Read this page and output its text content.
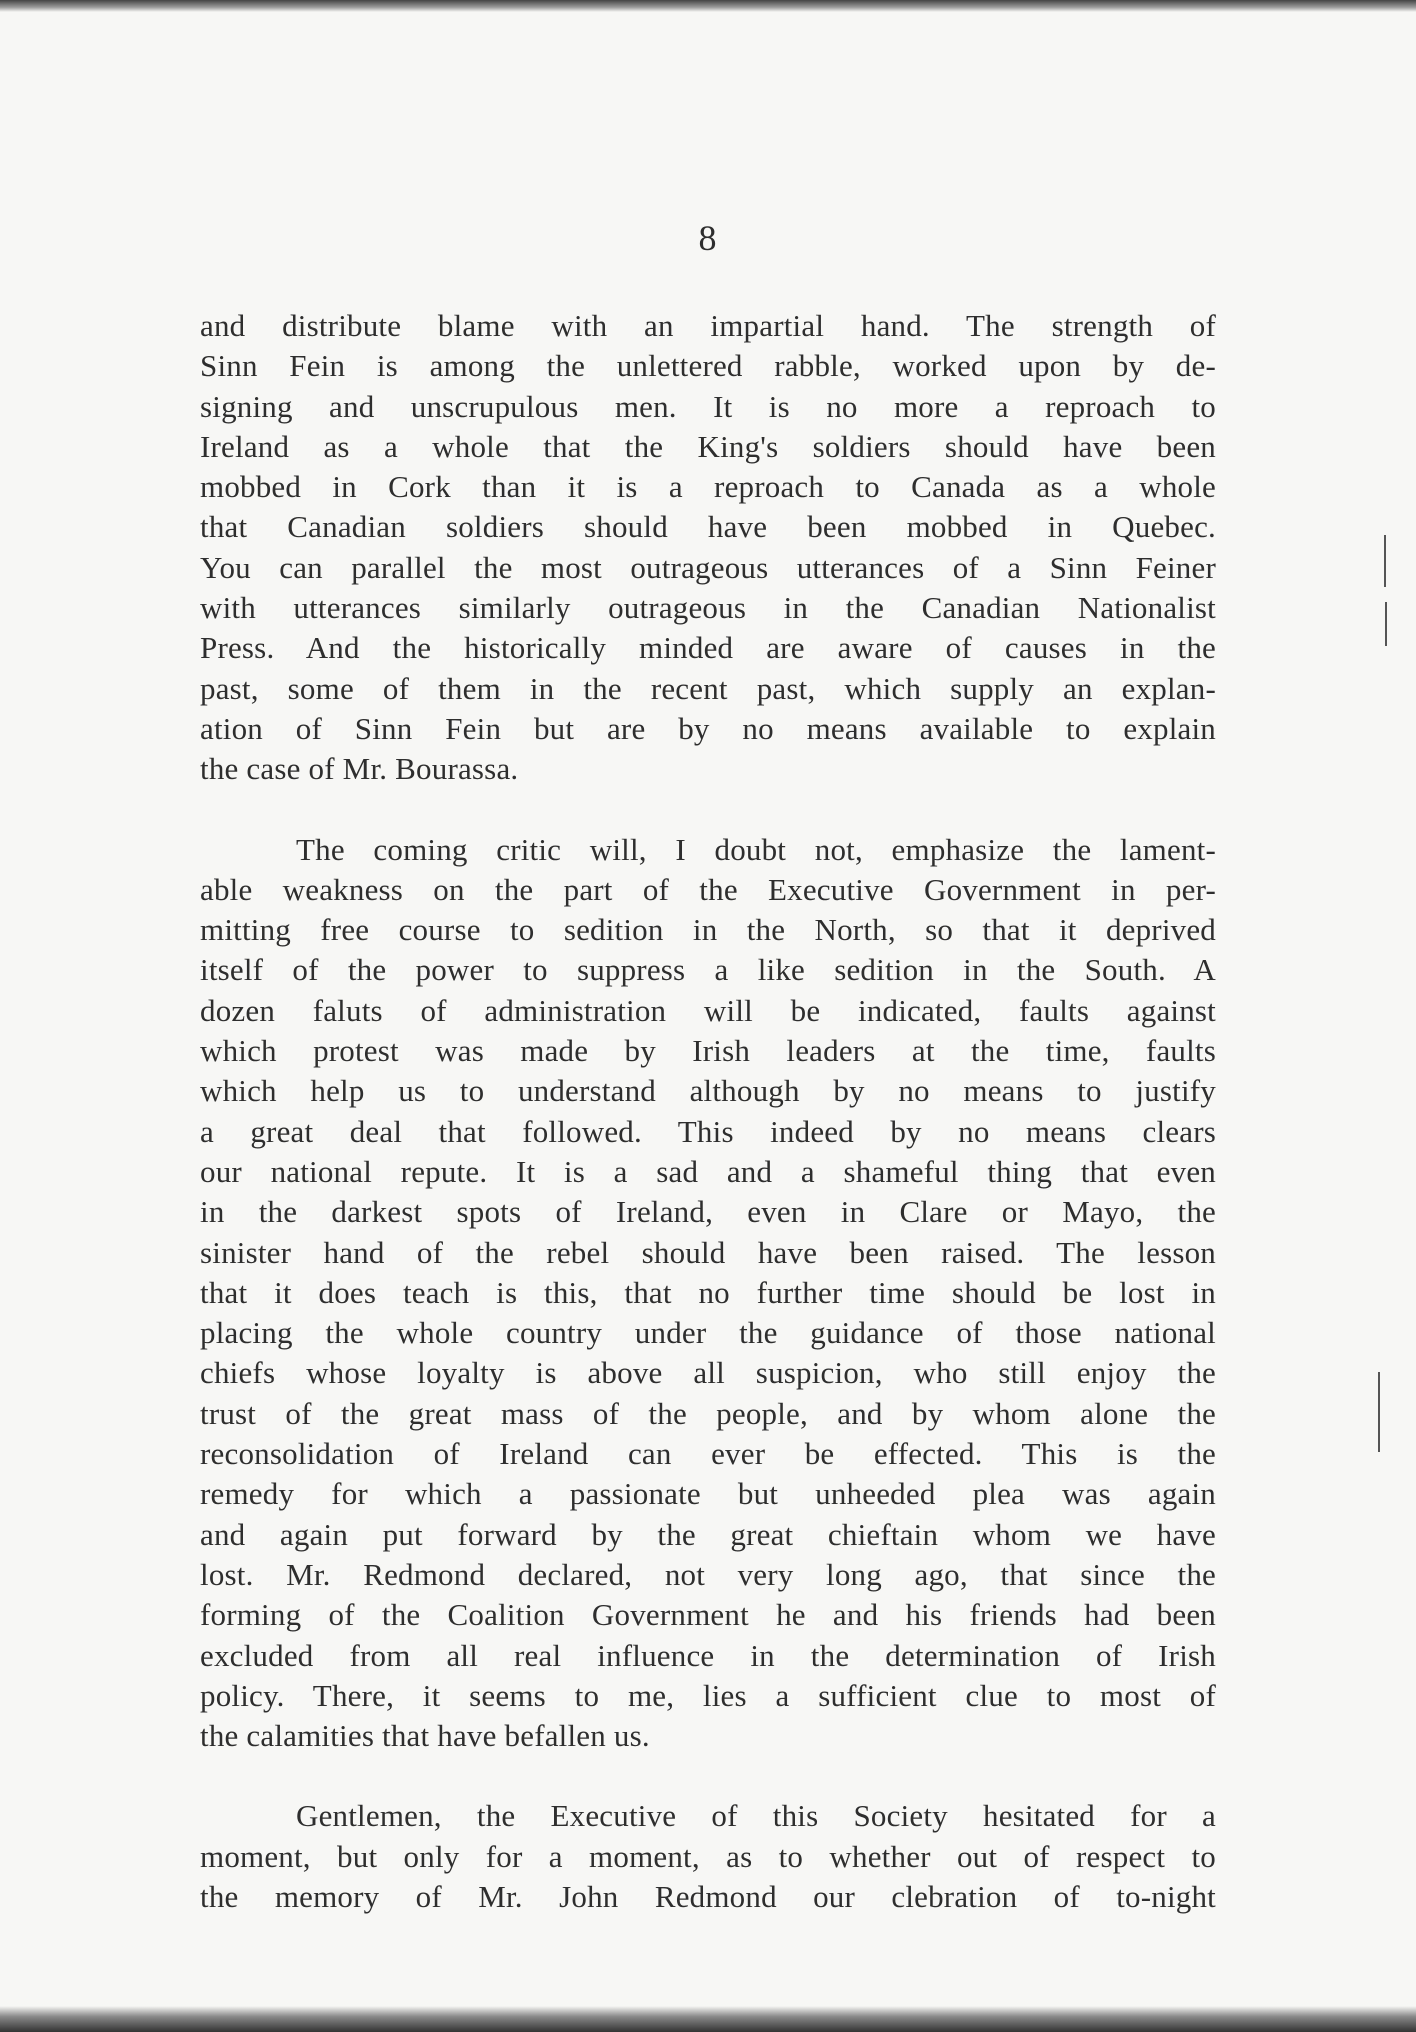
8

and distribute blame with an impartial hand. The strength of
Sinn Fein is among the unlettered rabble, worked upon by de-
signing and unscrupulous men. It is no more a reproach to
Ireland as a whole that the King's soldiers should have been
mobbed in Cork than it is a reproach to Canada as a whole
that Canadian soldiers should have been mobbed in Quebec.
You can parallel the most outrageous utterances of a Sinn Feiner
with utterances similarly outrageous in the Canadian Nationalist
Press. And the historically minded are aware of causes in the
past, some of them in the recent past, which supply an explan-
ation of Sinn Fein but are by no means available to explain
the case of Mr. Bourassa.

The coming critic will, I doubt not, emphasize the lament-
able weakness on the part of the Executive Government in per-
mitting free course to sedition in the North, so that it deprived
itself of the power to suppress a like sedition in the South. A
dozen faluts of administration will be indicated, faults against
which protest was made by Irish leaders at the time, faults
which help us to understand although by no means to justify
a great deal that followed. This indeed by no means clears
our national repute. It is a sad and a shameful thing that even
in the darkest spots of Ireland, even in Clare or Mayo, the
sinister hand of the rebel should have been raised. The lesson
that it does teach is this, that no further time should be lost in
placing the whole country under the guidance of those national
chiefs whose loyalty is above all suspicion, who still enjoy the
trust of the great mass of the people, and by whom alone the
reconsolidation of Ireland can ever be effected. This is the
remedy for which a passionate but unheeded plea was again
and again put forward by the great chieftain whom we have
lost. Mr. Redmond declared, not very long ago, that since the
forming of the Coalition Government he and his friends had been
excluded from all real influence in the determination of Irish
policy. There, it seems to me, lies a sufficient clue to most of
the calamities that have befallen us.

Gentlemen, the Executive of this Society hesitated for a
moment, but only for a moment, as to whether out of respect to
the memory of Mr. John Redmond our clebration of to-night
